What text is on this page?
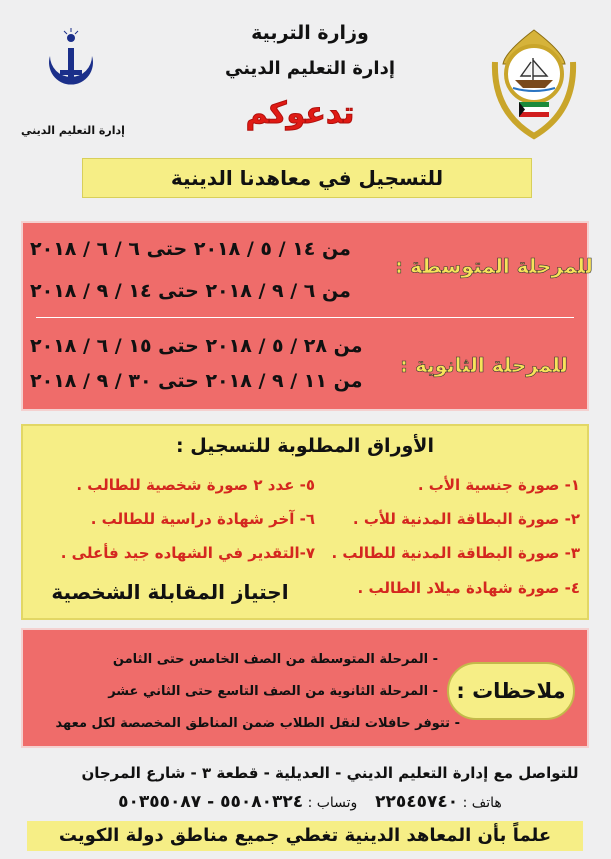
وزارة التربية
إدارة التعليم الديني
تدعوكم
إدارة التعليم الديني
للتسجيل في معاهدنا الدينية
للمرحلة المتوسطة :
من ١٤ / ٥ / ٢٠١٨ حتى ٦ / ٦ / ٢٠١٨
من ٦ / ٩ / ٢٠١٨ حتى ١٤ / ٩ / ٢٠١٨
للمرحلة الثانوية :
من ٢٨ / ٥ / ٢٠١٨ حتى ١٥ / ٦ / ٢٠١٨
من ١١ / ٩ / ٢٠١٨ حتى ٣٠ / ٩ / ٢٠١٨
الأوراق المطلوبة للتسجيل :
١- صورة جنسية الأب .
٢- صورة البطاقة المدنية للأب .
٣- صورة البطاقة المدنية للطالب .
٤- صورة شهادة ميلاد الطالب .
٥- عدد ٢ صورة شخصية للطالب .
٦- آخر شهادة دراسية للطالب .
٧-التقدير في الشهاده جيد فأعلى .
اجتياز المقابلة الشخصية
ملاحظات :
- المرحلة المتوسطة من الصف الخامس حتى الثامن
- المرحلة الثانوية من الصف التاسع حتى الثاني عشر
- تتوفر حافلات لنقل الطلاب ضمن المناطق المخصصة لكل معهد
للتواصل مع إدارة التعليم الديني - العديلية - قطعة ٣ - شارع المرجان
هاتف : ٢٢٥٤٥٧٤٠    وتساب : ٥٥٠٨٠٣٢٤ - ٥٠٣٥٥٠٨٧
علماً بأن المعاهد الدينية تغطي جميع مناطق دولة الكويت
